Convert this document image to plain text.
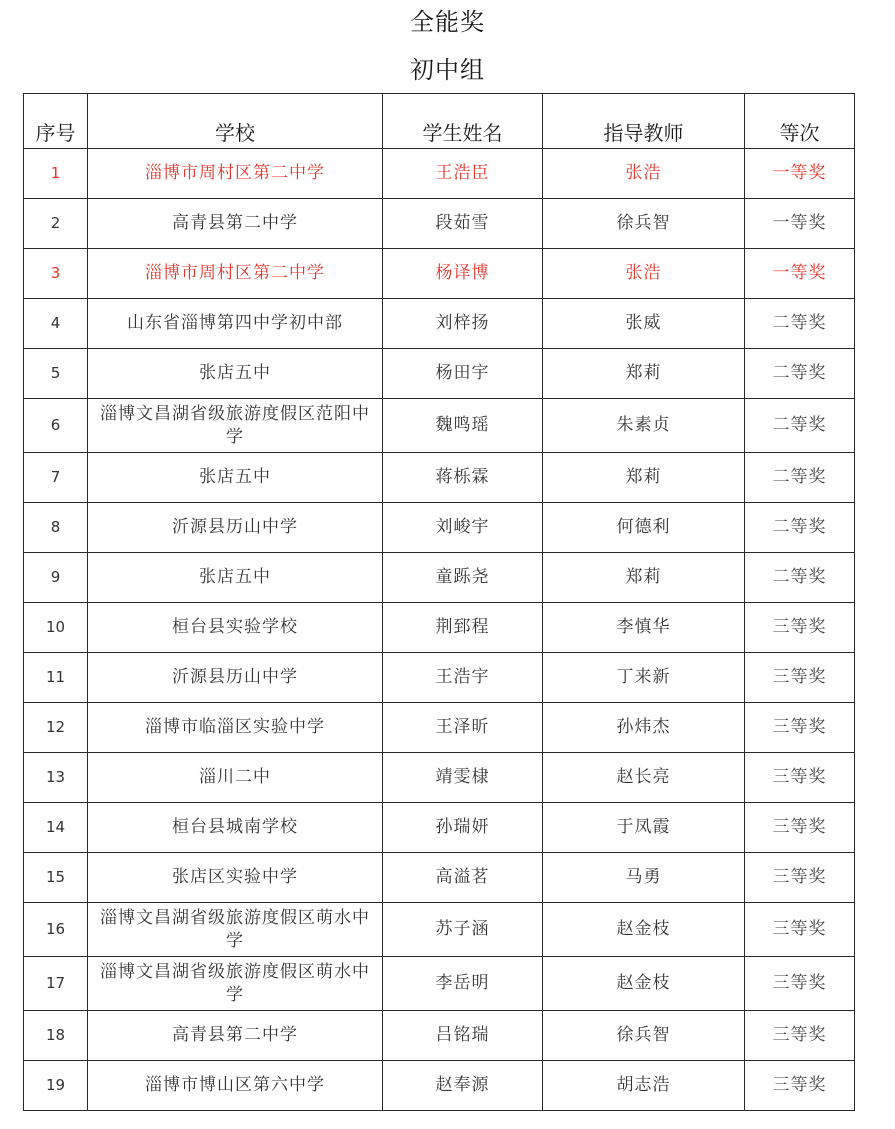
全能奖
初中组
序号	学校	学生姓名	指导教师	等次
1	淄博市周村区第二中学	王浩臣	张浩	一等奖
2	高青县第二中学	段茹雪	徐兵智	一等奖
3	淄博市周村区第二中学	杨译博	张浩	一等奖
4	山东省淄博第四中学初中部	刘梓扬	张威	二等奖
5	张店五中	杨田宇	郑莉	二等奖
6	淄博文昌湖省级旅游度假区范阳中学	魏鸣瑶	朱素贞	二等奖
7	张店五中	蒋栎霖	郑莉	二等奖
8	沂源县历山中学	刘峻宇	何德利	二等奖
9	张店五中	童跞尧	郑莉	二等奖
10	桓台县实验学校	荆郅程	李慎华	三等奖
11	沂源县历山中学	王浩宇	丁来新	三等奖
12	淄博市临淄区实验中学	王泽昕	孙炜杰	三等奖
13	淄川二中	靖雯棣	赵长亮	三等奖
14	桓台县城南学校	孙瑞妍	于凤霞	三等奖
15	张店区实验中学	高溢茗	马勇	三等奖
16	淄博文昌湖省级旅游度假区萌水中学	苏子涵	赵金枝	三等奖
17	淄博文昌湖省级旅游度假区萌水中学	李岳明	赵金枝	三等奖
18	高青县第二中学	吕铭瑞	徐兵智	三等奖
19	淄博市博山区第六中学	赵奉源	胡志浩	三等奖
